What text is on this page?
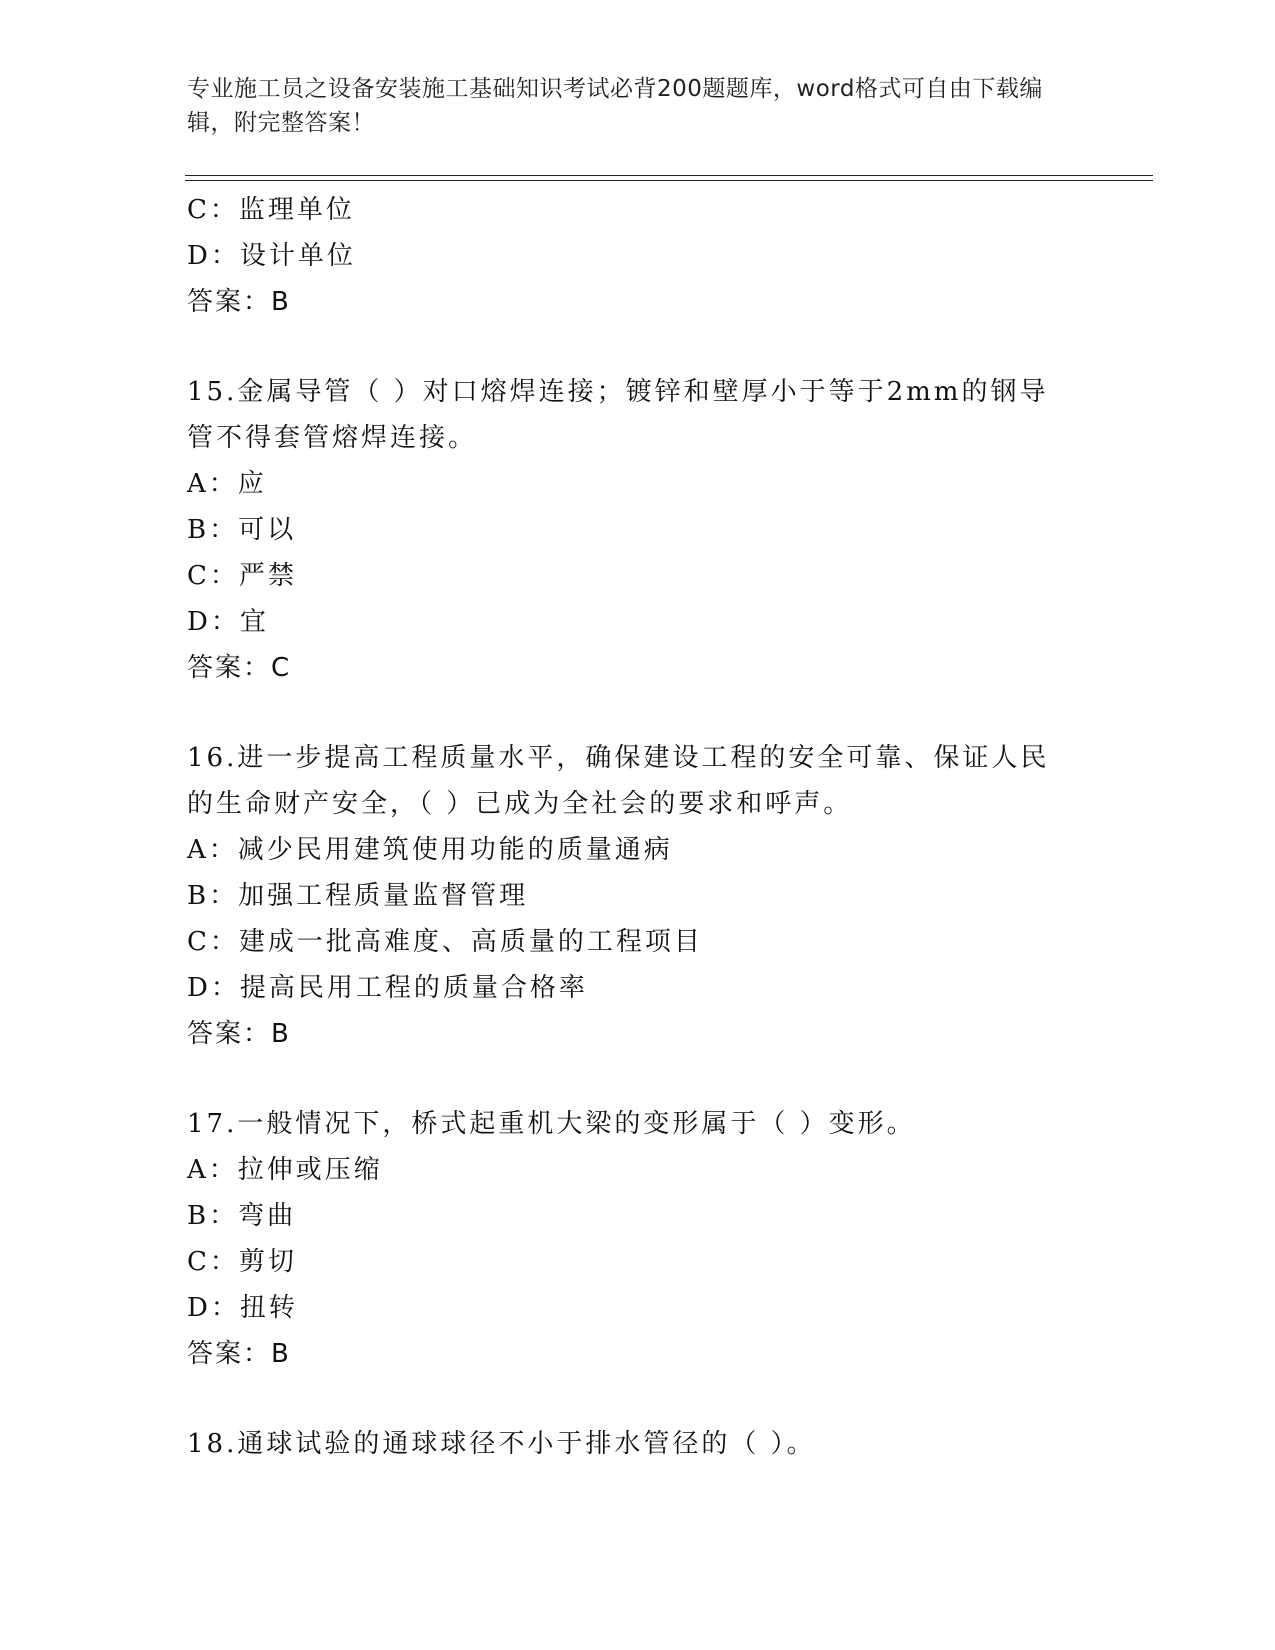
专业施工员之设备安装施工基础知识考试必背200题题库，word格式可自由下载编辑，附完整答案！
C：监理单位
D：设计单位
答案：B
15.金属导管（ ）对口熔焊连接；镀锌和壁厚小于等于2mm的钢导管不得套管熔焊连接。
A：应
B：可以
C：严禁
D：宜
答案：C
16.进一步提高工程质量水平，确保建设工程的安全可靠、保证人民的生命财产安全，（ ）已成为全社会的要求和呼声。
A：减少民用建筑使用功能的质量通病
B：加强工程质量监督管理
C：建成一批高难度、高质量的工程项目
D：提高民用工程的质量合格率
答案：B
17.一般情况下，桥式起重机大梁的变形属于（ ）变形。
A：拉伸或压缩
B：弯曲
C：剪切
D：扭转
答案：B
18.通球试验的通球球径不小于排水管径的（ ）。
